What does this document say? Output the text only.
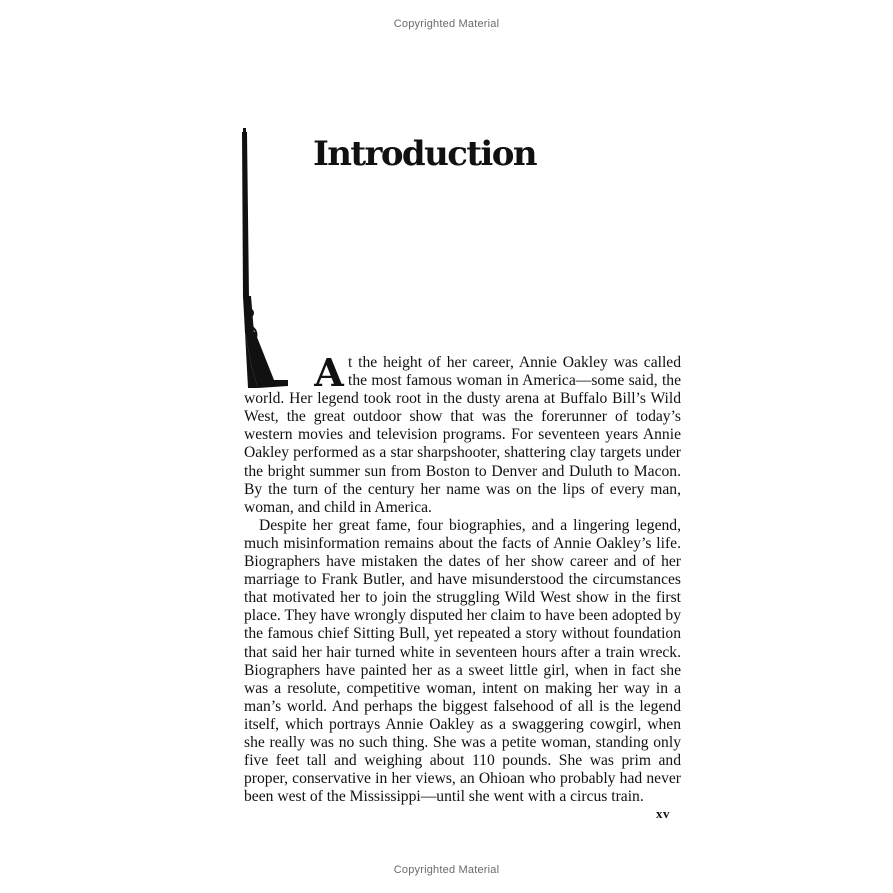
Copyrighted Material
Introduction

A t the height of her career, Annie Oakley was called the most famous woman in America—some said, the world. Her legend took root in the dusty arena at Buffalo Bill’s Wild West, the great outdoor show that was the forerunner of today’s western movies and television programs. For seventeen years Annie Oakley performed as a star sharpshooter, shattering clay targets under the bright summer sun from Boston to Denver and Duluth to Macon. By the turn of the century her name was on the lips of every man, woman, and child in America.

Despite her great fame, four biographies, and a lingering legend, much misinformation remains about the facts of Annie Oakley’s life. Biographers have mistaken the dates of her show career and of her marriage to Frank Butler, and have misunderstood the circumstances that motivated her to join the struggling Wild West show in the first place. They have wrongly disputed her claim to have been adopted by the famous chief Sitting Bull, yet repeated a story without foundation that said her hair turned white in seventeen hours after a train wreck. Biographers have painted her as a sweet little girl, when in fact she was a resolute, competitive woman, intent on making her way in a man’s world. And perhaps the biggest falsehood of all is the legend itself, which portrays Annie Oakley as a swaggering cowgirl, when she really was no such thing. She was a petite woman, standing only five feet tall and weighing about 110 pounds. She was prim and proper, conservative in her views, an Ohioan who probably had never been west of the Mississippi—until she went with a circus train.

xv
Copyrighted Material
